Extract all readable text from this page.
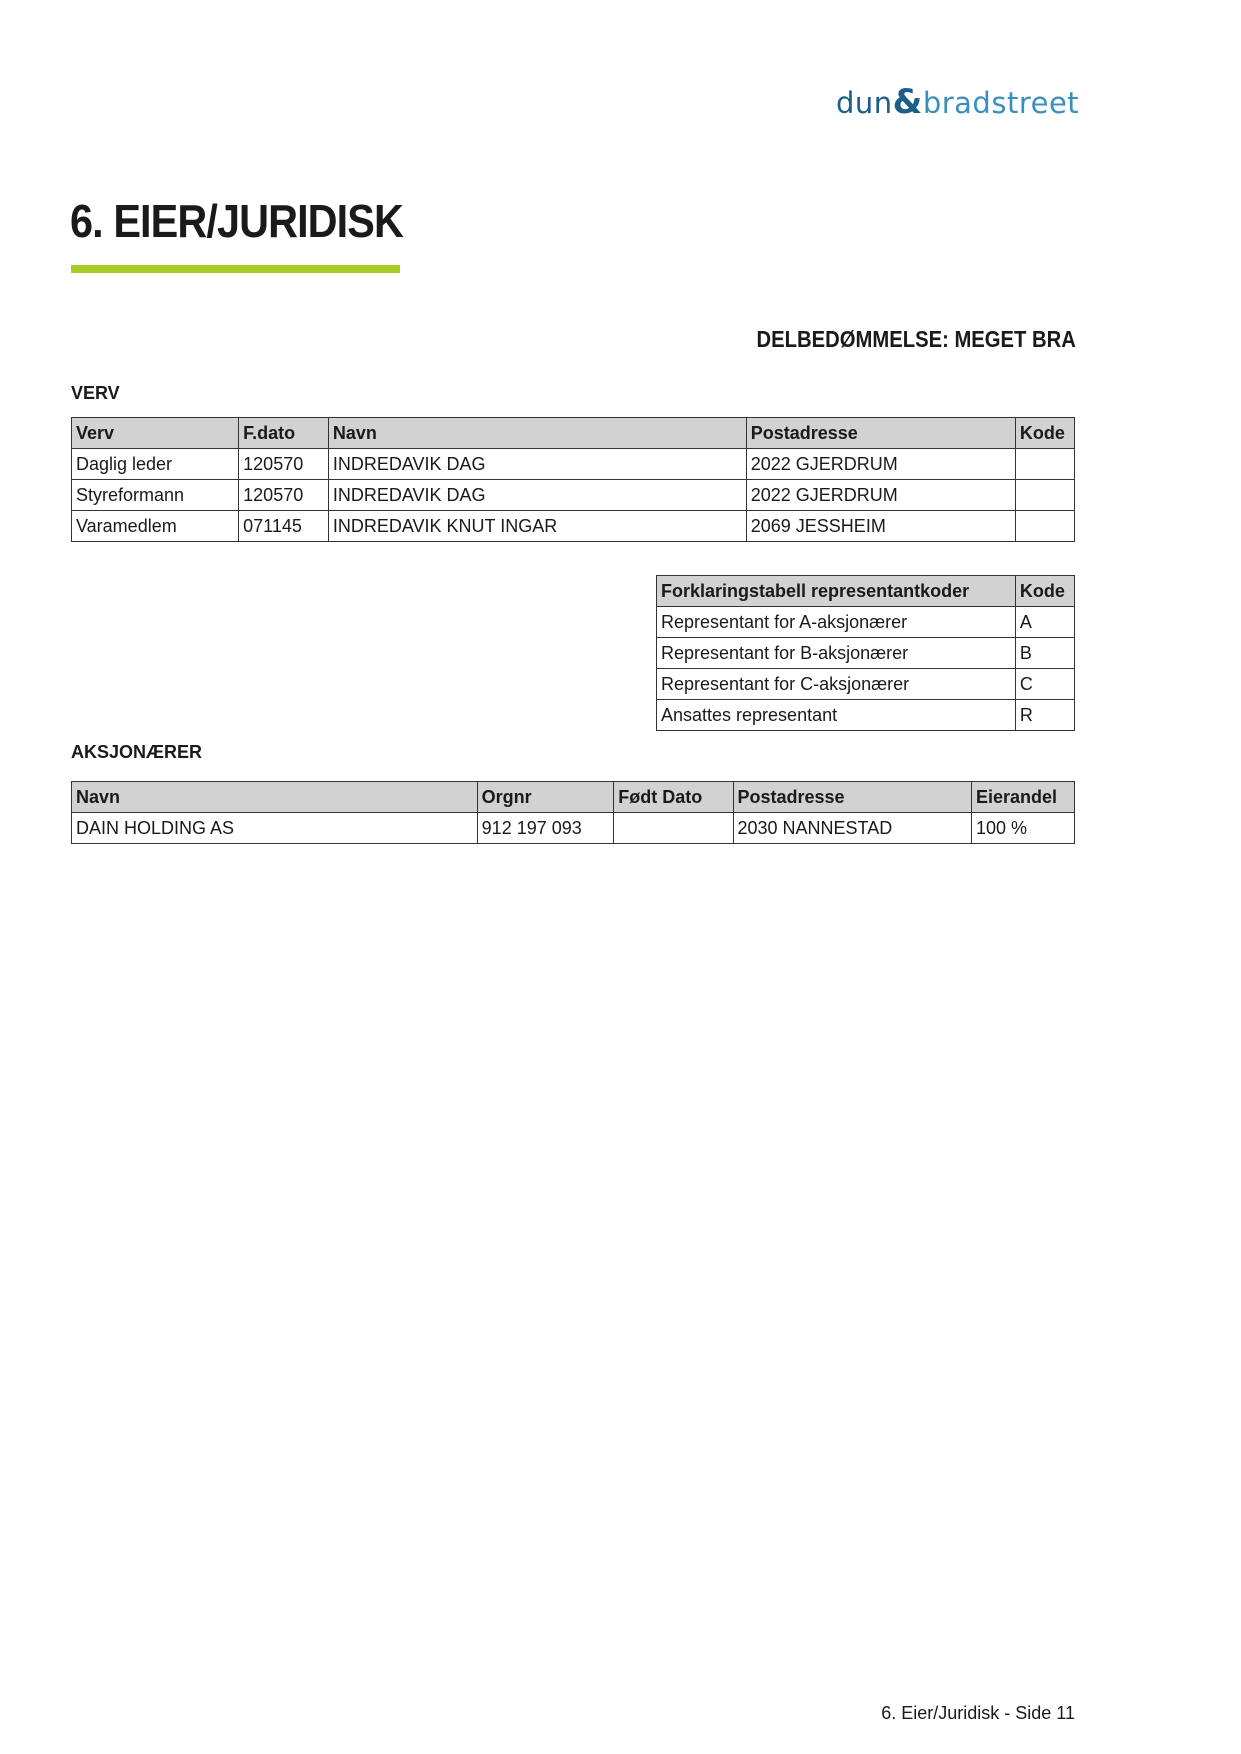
dun&bradstreet
6. EIER/JURIDISK
DELBEDØMMELSE: MEGET BRA
VERV
Verv	F.dato	Navn	Postadresse	Kode
Daglig leder	120570	INDREDAVIK DAG	2022 GJERDRUM	
Styreformann	120570	INDREDAVIK DAG	2022 GJERDRUM	
Varamedlem	071145	INDREDAVIK KNUT INGAR	2069 JESSHEIM	
Forklaringstabell representantkoder	Kode
Representant for A-aksjonærer	A
Representant for B-aksjonærer	B
Representant for C-aksjonærer	C
Ansattes representant	R
AKSJONÆRER
Navn	Orgnr	Født Dato	Postadresse	Eierandel
DAIN HOLDING AS	912 197 093		2030 NANNESTAD	100 %
6. Eier/Juridisk - Side 11
